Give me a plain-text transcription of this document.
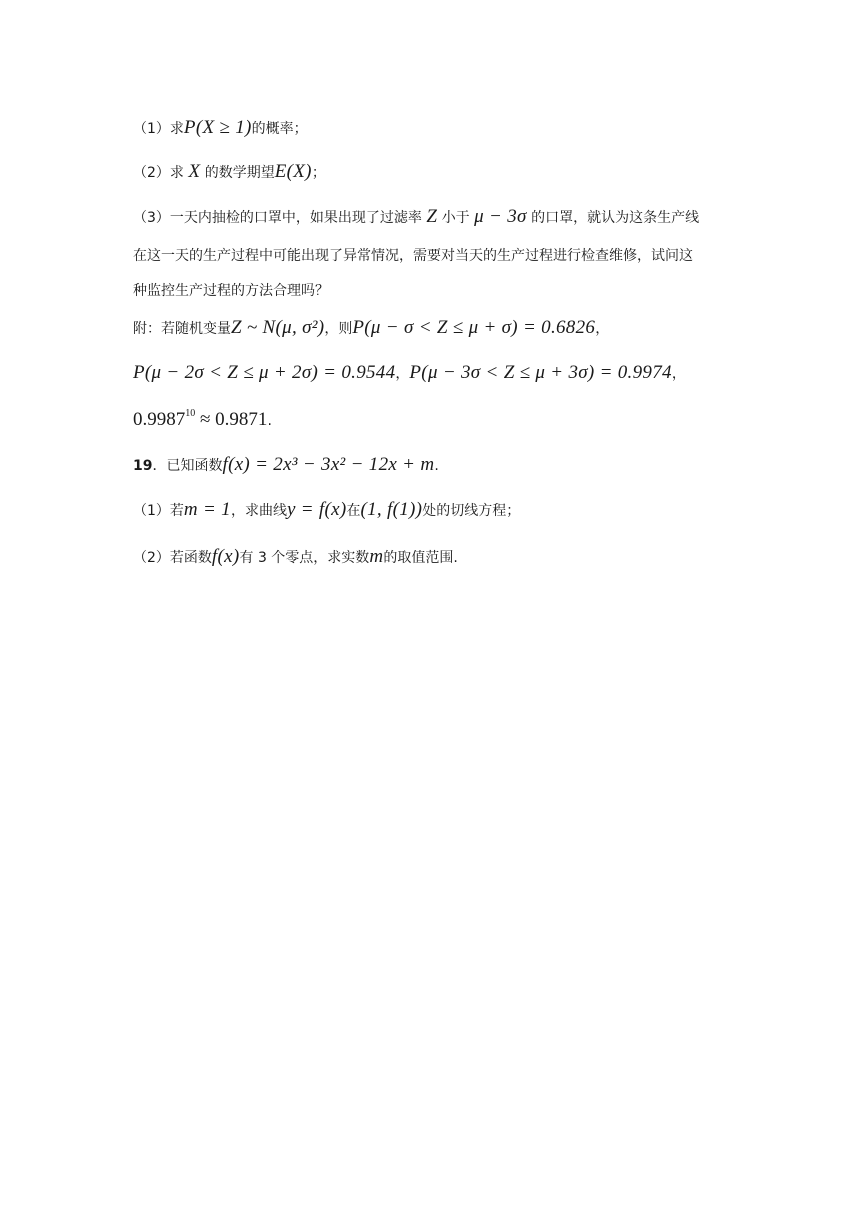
（1）求P(X ≥ 1)的概率；
（2）求 X 的数学期望E(X)；
（3）一天内抽检的口罩中，如果出现了过滤率 Z 小于 μ − 3σ 的口罩，就认为这条生产线
在这一天的生产过程中可能出现了异常情况，需要对当天的生产过程进行检查维修，试问这
种监控生产过程的方法合理吗？
附：若随机变量Z ~ N(μ, σ²)，则P(μ − σ < Z ≤ μ + σ) = 0.6826，
P(μ − 2σ < Z ≤ μ + 2σ) = 0.9544，P(μ − 3σ < Z ≤ μ + 3σ) = 0.9974，
$0.9987^{10} \approx 0.9871$.
19．已知函数f(x) = 2x³ − 3x² − 12x + m.
（1）若m = 1，求曲线y = f(x)在(1, f(1))处的切线方程；
（2）若函数f(x)有 3 个零点，求实数m的取值范围.
